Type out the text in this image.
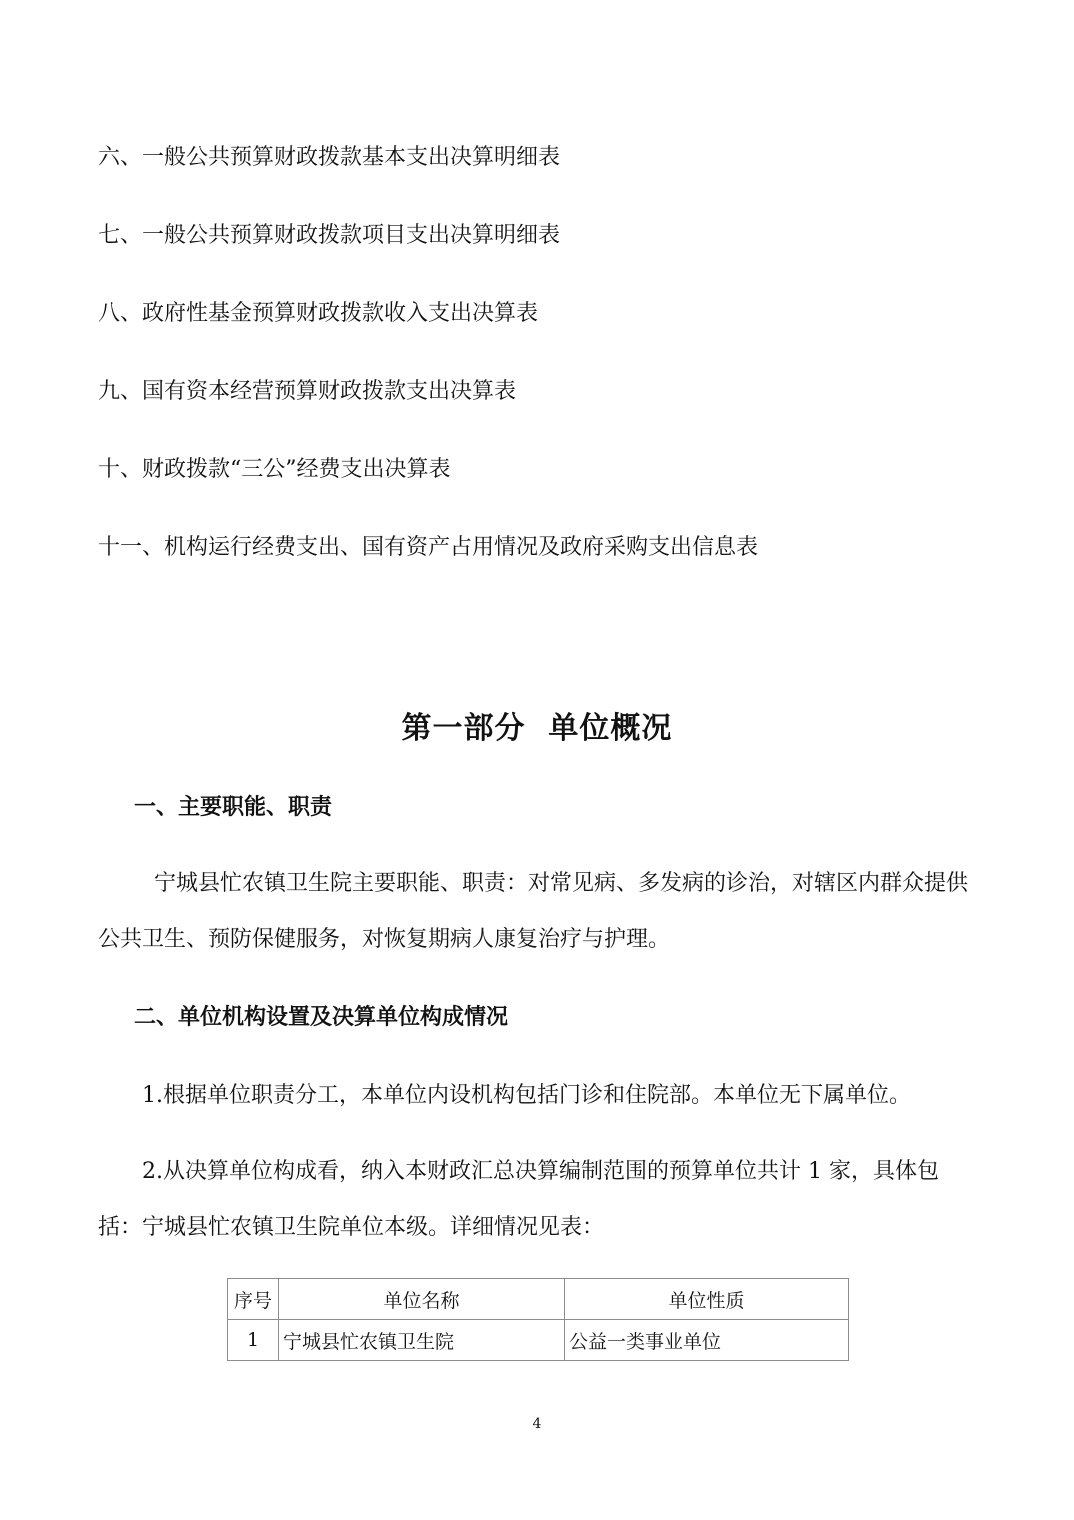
六、一般公共预算财政拨款基本支出决算明细表
七、一般公共预算财政拨款项目支出决算明细表
八、政府性基金预算财政拨款收入支出决算表
九、国有资本经营预算财政拨款支出决算表
十、财政拨款“三公”经费支出决算表
十一、机构运行经费支出、国有资产占用情况及政府采购支出信息表
第一部分  单位概况
一、主要职能、职责
宁城县忙农镇卫生院主要职能、职责：对常见病、多发病的诊治，对辖区内群众提供公共卫生、预防保健服务，对恢复期病人康复治疗与护理。
二、单位机构设置及决算单位构成情况
1.根据单位职责分工，本单位内设机构包括门诊和住院部。本单位无下属单位。
2.从决算单位构成看，纳入本财政汇总决算编制范围的预算单位共计 1 家，具体包括：宁城县忙农镇卫生院单位本级。详细情况见表：
序号	单位名称	单位性质
1	宁城县忙农镇卫生院	公益一类事业单位
4
